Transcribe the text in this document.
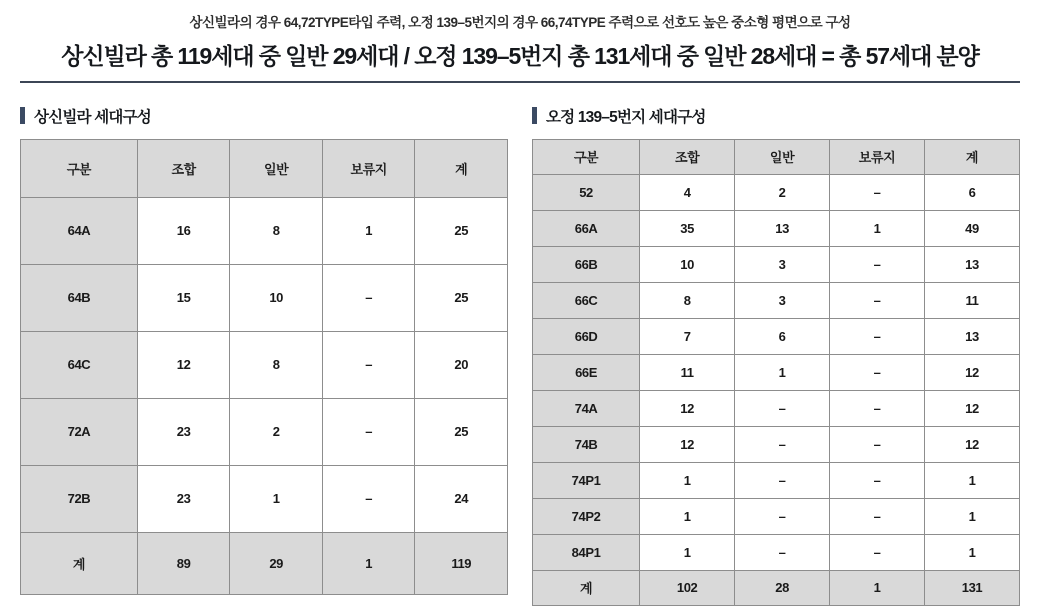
상신빌라의 경우 64,72TYPE타입 주력, 오정 139–5번지의 경우 66,74TYPE 주력으로 선호도 높은 중소형 평면으로 구성
상신빌라 총 119세대 중 일반 29세대 / 오정 139–5번지 총 131세대 중 일반 28세대 = 총 57세대 분양
상신빌라 세대구성
구분	조합	일반	보류지	계
64A	16	8	1	25
64B	15	10	–	25
64C	12	8	–	20
72A	23	2	–	25
72B	23	1	–	24
계	89	29	1	119
오정 139–5번지 세대구성
구분	조합	일반	보류지	계
52	4	2	–	6
66A	35	13	1	49
66B	10	3	–	13
66C	8	3	–	11
66D	7	6	–	13
66E	11	1	–	12
74A	12	–	–	12
74B	12	–	–	12
74P1	1	–	–	1
74P2	1	–	–	1
84P1	1	–	–	1
계	102	28	1	131
